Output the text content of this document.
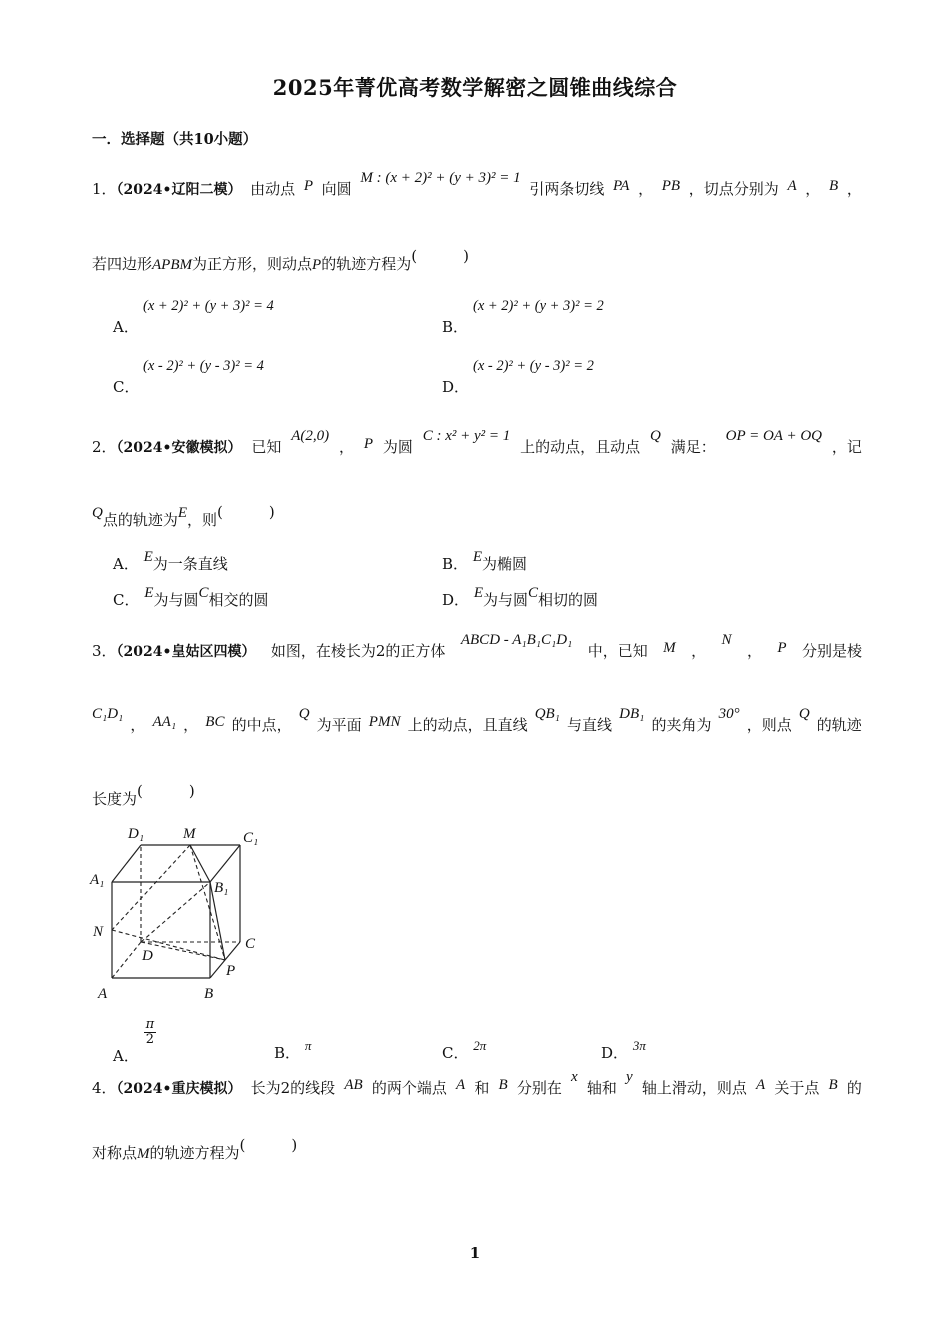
2025年菁优高考数学解密之圆锥曲线综合
一．选择题（共10小题）
1．（2024•辽阳二模） 由动点 P 向圆
M : (x + 2)² + (y + 3)² = 1
引两条切线 PA ， PB ，切点分别为 A ， B ，
若四边形APBM为正方形，则动点P的轨迹方程为(	)
A．
(x + 2)² + (y + 3)² = 4
B．
(x + 2)² + (y + 3)² = 2
C．
(x - 2)² + (y - 3)² = 4
D．
(x - 2)² + (y - 3)² = 2
2．（2024•安徽模拟） 已知
A(2,0)
， P 为圆
C : x² + y² = 1
上的动点，且动点
Q
满足：
OP = OA + OQ
，记
Q点的轨迹为E，则(	)
A． E为一条直线	B． E为椭圆
C． E为与圆C相交的圆	D． E为与圆C相切的圆
3．（2024•皇姑区四模） 如图，在棱长为2的正方体
ABCD - A₁B₁C₁D₁
中，已知 M ，
N
， P 分别是棱
C₁D₁
， AA₁ ， BC 的中点，
Q
为平面 PMN 上的动点，且直线
QB₁
与直线
DB₁
的夹角为
30°
，则点
Q
的轨迹
长度为(	)
D₁	M	C₁
A₁	B₁
N
C
D
P
A	B
A．
$\frac{\pi}{2}$
B． π	C． 2π	D． 3π
4．（2024•重庆模拟） 长为2的线段 AB 的两个端点 A 和 B 分别在
x
轴和
y
轴上滑动，则点 A 关于点 B 的
对称点M的轨迹方程为(	)
1
